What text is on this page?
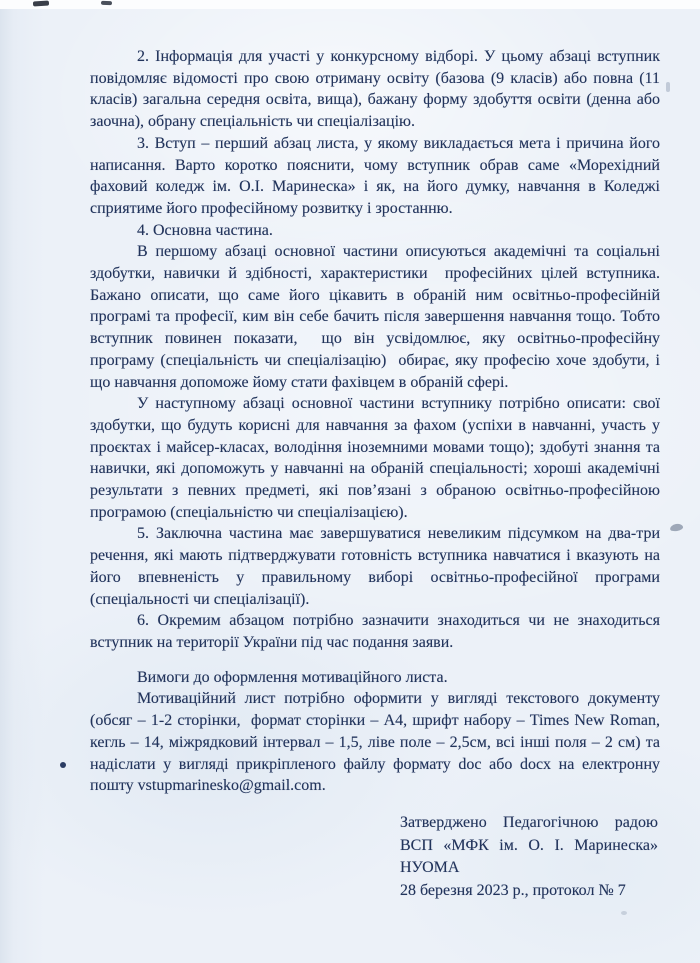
2. Інформація для участі у конкурсному відборі. У цьому абзаці вступник повідомляє відомості про свою отриману освіту (базова (9 класів) або повна (11 класів) загальна середня освіта, вища), бажану форму здобуття освіти (денна або заочна), обрану спеціальність чи спеціалізацію.

3. Вступ – перший абзац листа, у якому викладається мета і причина його написання. Варто коротко пояснити, чому вступник обрав саме «Морехідний фаховий коледж ім. О.І. Маринеска» і як, на його думку, навчання в Коледжі сприятиме його професійному розвитку і зростанню.

4. Основна частина.

В першому абзаці основної частини описуються академічні та соціальні здобутки, навички й здібності, характеристики  професійних цілей вступника. Бажано описати, що саме його цікавить в обраній ним освітньо-професійній програмі та професії, ким він себе бачить після завершення навчання тощо. Тобто вступник повинен показати,  що він усвідомлює, яку освітньо-професійну програму (спеціальність чи спеціалізацію)  обирає, яку професію хоче здобути, і що навчання допоможе йому стати фахівцем в обраній сфері.

У наступному абзаці основної частини вступнику потрібно описати: свої здобутки, що будуть корисні для навчання за фахом (успіхи в навчанні, участь у проєктах і майсер-класах, володіння іноземними мовами тощо); здобуті знання та навички, які допоможуть у навчанні на обраній спеціальності; хороші академічні результати з певних предметі, які пов’язані з обраною освітньо-професійною програмою (спеціальністю чи спеціалізацією).

5. Заключна частина має завершуватися невеликим підсумком на два-три речення, які мають підтверджувати готовність вступника навчатися і вказують на його впевненість у правильному виборі освітньо-професійної програми (спеціальності чи спеціалізації).

6. Окремим абзацом потрібно зазначити знаходиться чи не знаходиться вступник на території України під час подання заяви.

Вимоги до оформлення мотиваційного листа.

Мотиваційний лист потрібно оформити у вигляді текстового документу (обсяг – 1-2 сторінки,  формат сторінки – А4, шрифт набору – Times New Roman, кегль – 14, міжрядковий інтервал – 1,5, ліве поле – 2,5см, всі інші поля – 2 см) та надіслати у вигляді прикріпленого файлу формату doc або docx на електронну пошту vstupmarinesko@gmail.com.

Затверджено Педагогічною радою
ВСП «МФК ім. О. І. Маринеска»
НУОМА
28 березня 2023 р., протокол № 7
